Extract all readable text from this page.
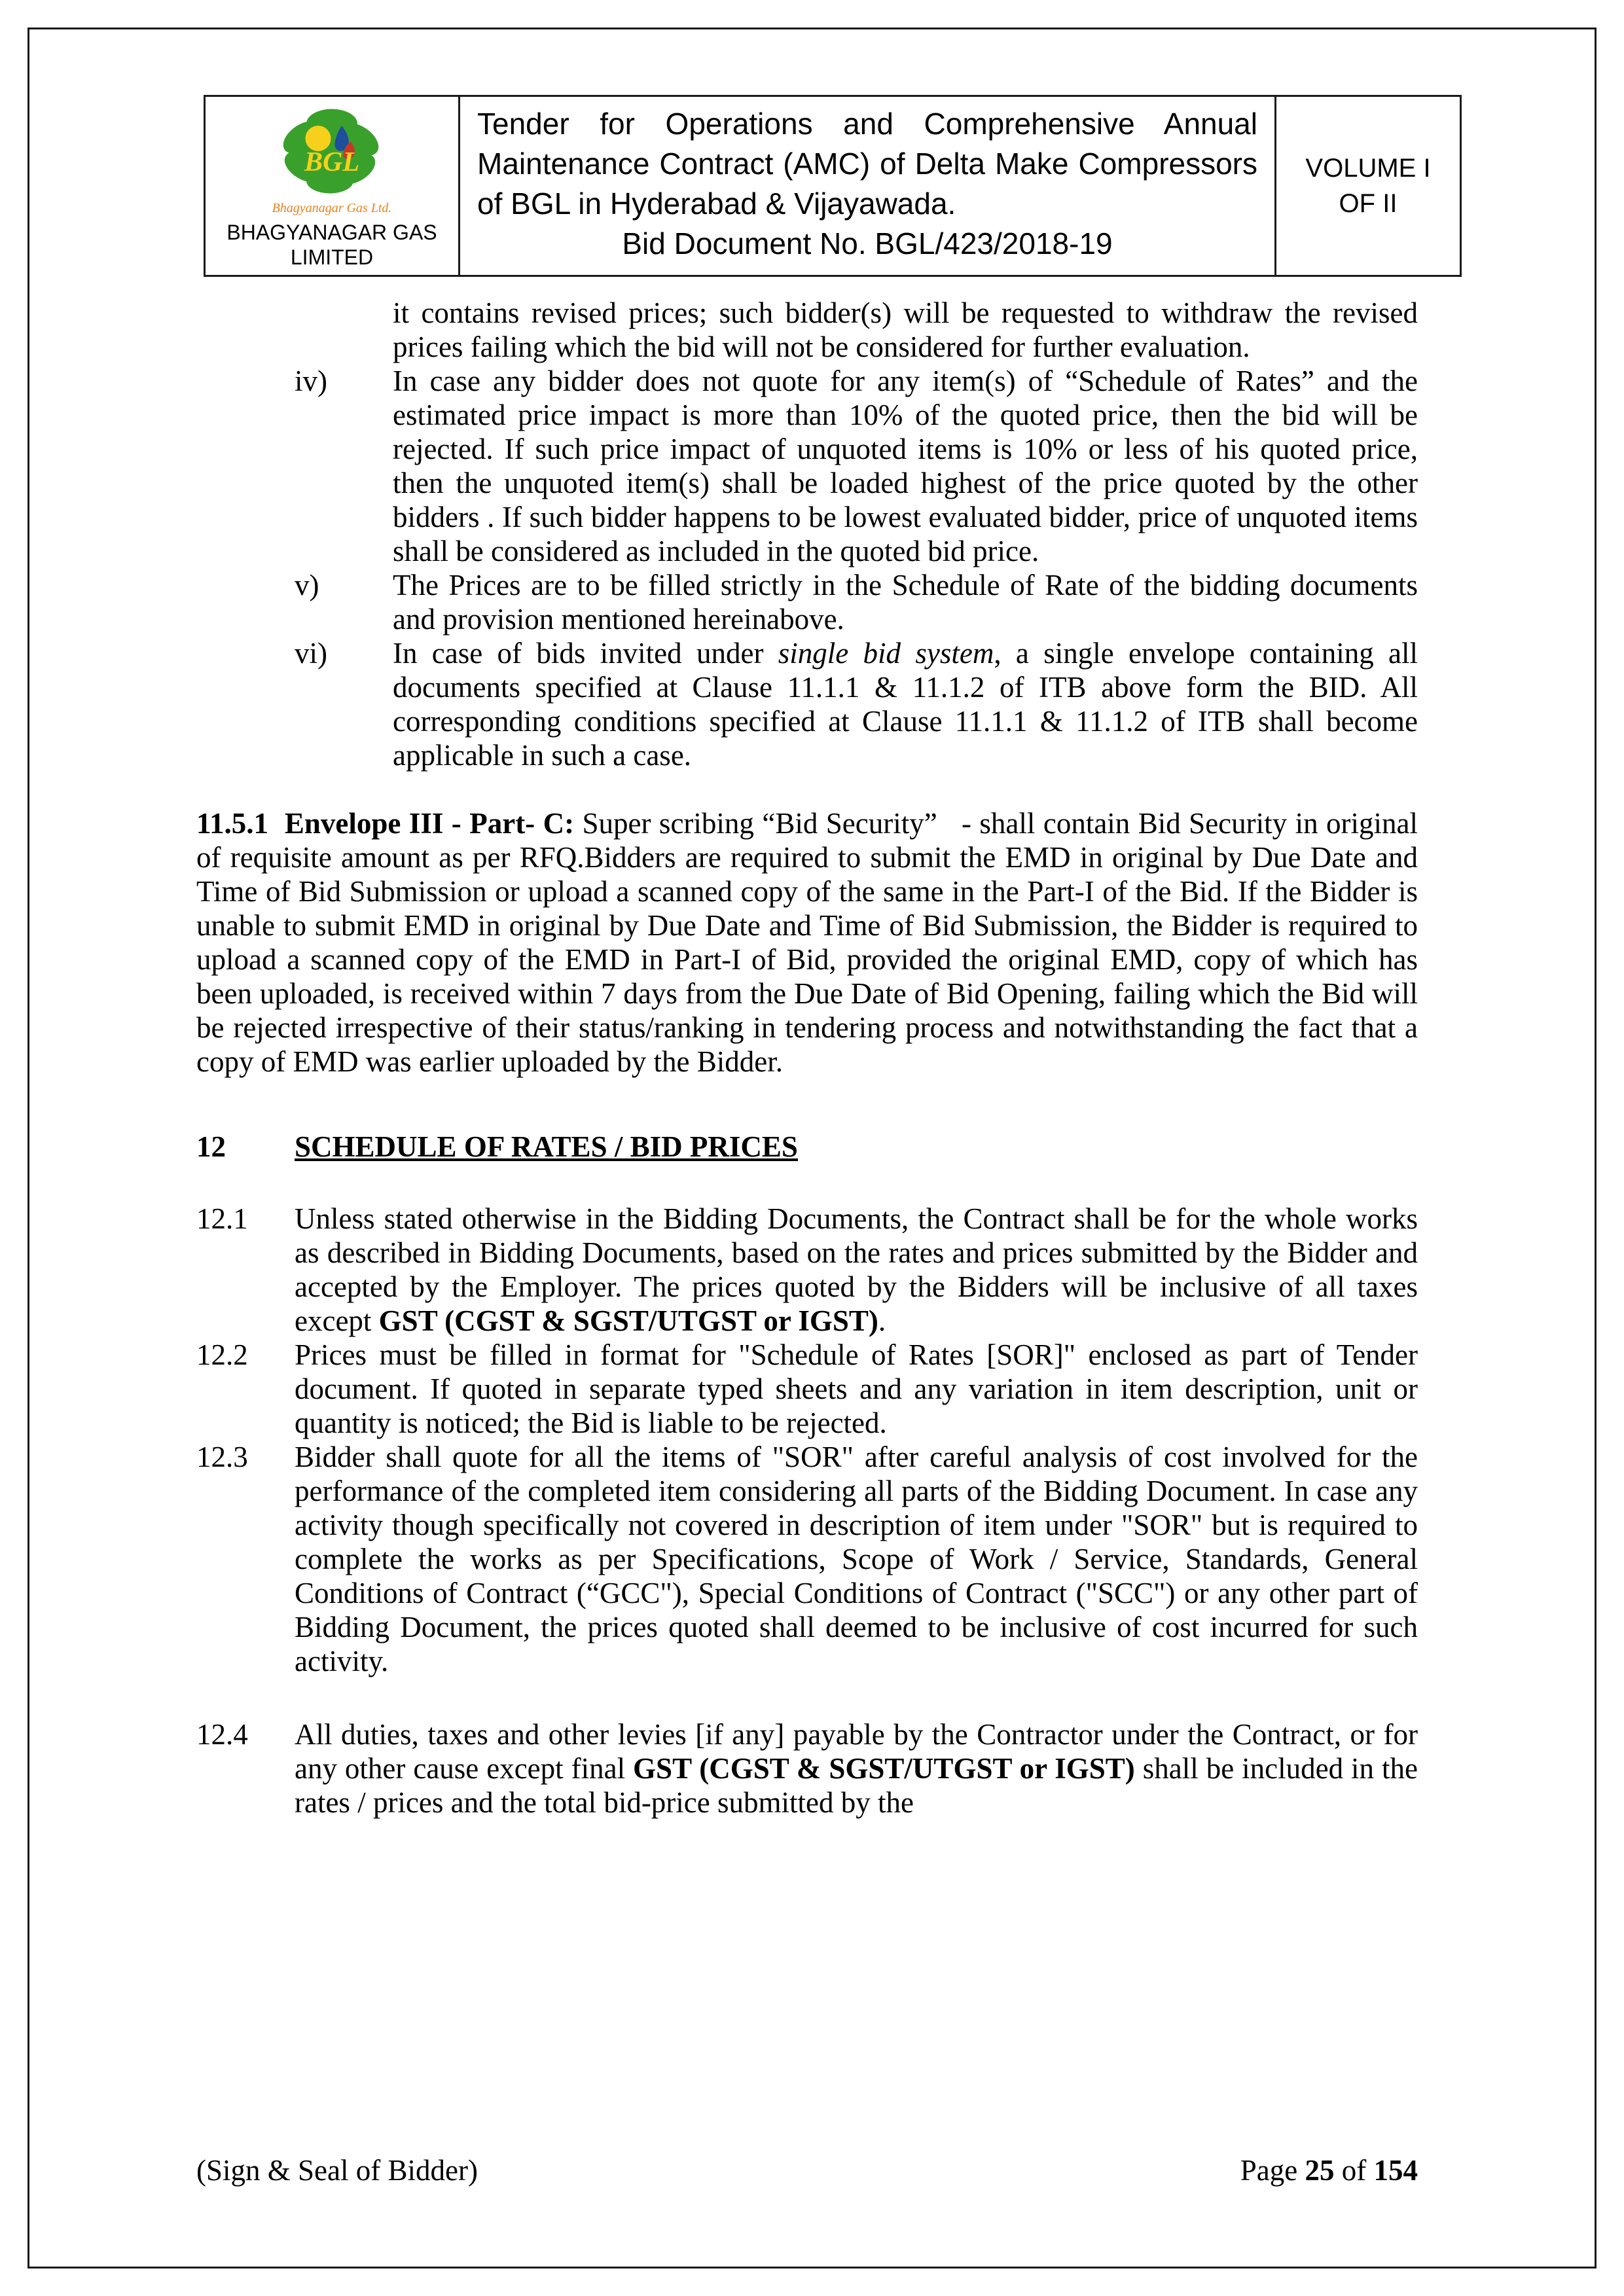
BGL
Bhagyanagar Gas Ltd.
BHAGYANAGAR GAS
LIMITED
Tender for Operations and Comprehensive Annual Maintenance Contract (AMC) of Delta Make Compressors of BGL in Hyderabad & Vijayawada.
Bid Document No. BGL/423/2018-19
VOLUME I
OF II
it contains revised prices; such bidder(s) will be requested to withdraw the revised prices failing which the bid will not be considered for further evaluation.
iv) In case any bidder does not quote for any item(s) of “Schedule of Rates” and the estimated price impact is more than 10% of the quoted price, then the bid will be rejected. If such price impact of unquoted items is 10% or less of his quoted price, then the unquoted item(s) shall be loaded highest of the price quoted by the other bidders . If such bidder happens to be lowest evaluated bidder, price of unquoted items shall be considered as included in the quoted bid price.
v)	The Prices are to be filled strictly in the Schedule of Rate of the bidding documents and provision mentioned hereinabove.
vi) In case of bids invited under single bid system, a single envelope containing all documents specified at Clause 11.1.1 & 11.1.2 of ITB above form the BID. All corresponding conditions specified at Clause 11.1.1 & 11.1.2 of ITB shall become applicable in such a case.
11.5.1  Envelope III - Part- C: Super scribing “Bid Security”   - shall contain Bid Security in original of requisite amount as per RFQ.Bidders are required to submit the EMD in original by Due Date and Time of Bid Submission or upload a scanned copy of the same in the Part-I of the Bid. If the Bidder is unable to submit EMD in original by Due Date and Time of Bid Submission, the Bidder is required to upload a scanned copy of the EMD in Part-I of Bid, provided the original EMD, copy of which has been uploaded, is received within 7 days from the Due Date of Bid Opening, failing which the Bid will be rejected irrespective of their status/ranking in tendering process and notwithstanding the fact that a copy of EMD was earlier uploaded by the Bidder.
12 SCHEDULE OF RATES / BID PRICES
12.1 Unless stated otherwise in the Bidding Documents, the Contract shall be for the whole works as described in Bidding Documents, based on the rates and prices submitted by the Bidder and accepted by the Employer. The prices quoted by the Bidders will be inclusive of all taxes except GST (CGST & SGST/UTGST or IGST).
12.2 Prices must be filled in format for "Schedule of Rates [SOR]" enclosed as part of Tender document. If quoted in separate typed sheets and any variation in item description, unit or quantity is noticed; the Bid is liable to be rejected.
12.3 Bidder shall quote for all the items of "SOR" after careful analysis of cost involved for the performance of the completed item considering all parts of the Bidding Document. In case any activity though specifically not covered in description of item under "SOR" but is required to complete the works as per Specifications, Scope of Work / Service, Standards, General Conditions of Contract (“GCC"), Special Conditions of Contract ("SCC") or any other part of Bidding Document, the prices quoted shall deemed to be inclusive of cost incurred for such activity.
12.4 All duties, taxes and other levies [if any] payable by the Contractor under the Contract, or for any other cause except final GST (CGST & SGST/UTGST or IGST) shall be included in the rates / prices and the total bid-price submitted by the
(Sign & Seal of Bidder)	Page 25 of 154
